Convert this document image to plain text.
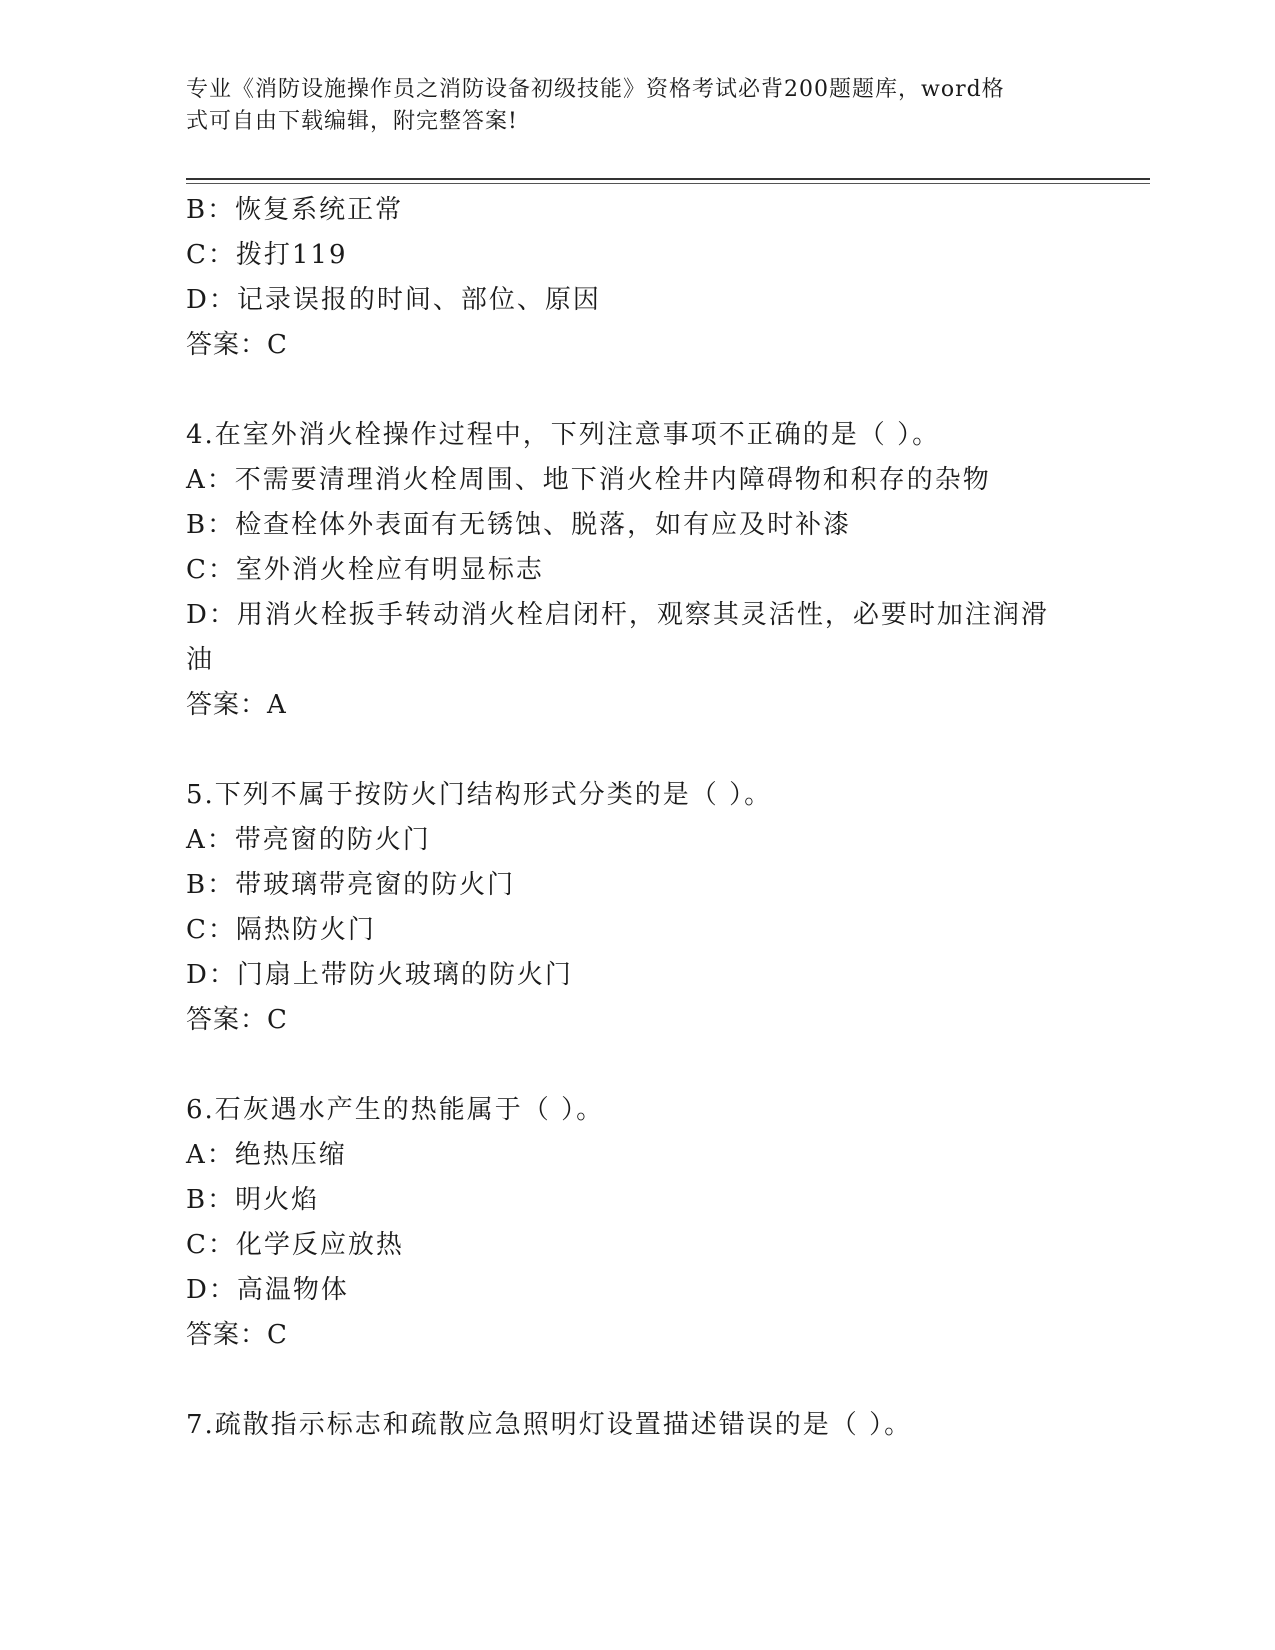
专业《消防设施操作员之消防设备初级技能》资格考试必背200题题库，word格
式可自由下载编辑，附完整答案!
B：恢复系统正常
C：拨打119
D：记录误报的时间、部位、原因
答案：C
4.在室外消火栓操作过程中，下列注意事项不正确的是（ ）。
A：不需要清理消火栓周围、地下消火栓井内障碍物和积存的杂物
B：检查栓体外表面有无锈蚀、脱落，如有应及时补漆
C：室外消火栓应有明显标志
D：用消火栓扳手转动消火栓启闭杆，观察其灵活性，必要时加注润滑油
答案：A
5.下列不属于按防火门结构形式分类的是（ ）。
A：带亮窗的防火门
B：带玻璃带亮窗的防火门
C：隔热防火门
D：门扇上带防火玻璃的防火门
答案：C
6.石灰遇水产生的热能属于（ ）。
A：绝热压缩
B：明火焰
C：化学反应放热
D：高温物体
答案：C
7.疏散指示标志和疏散应急照明灯设置描述错误的是（ ）。
